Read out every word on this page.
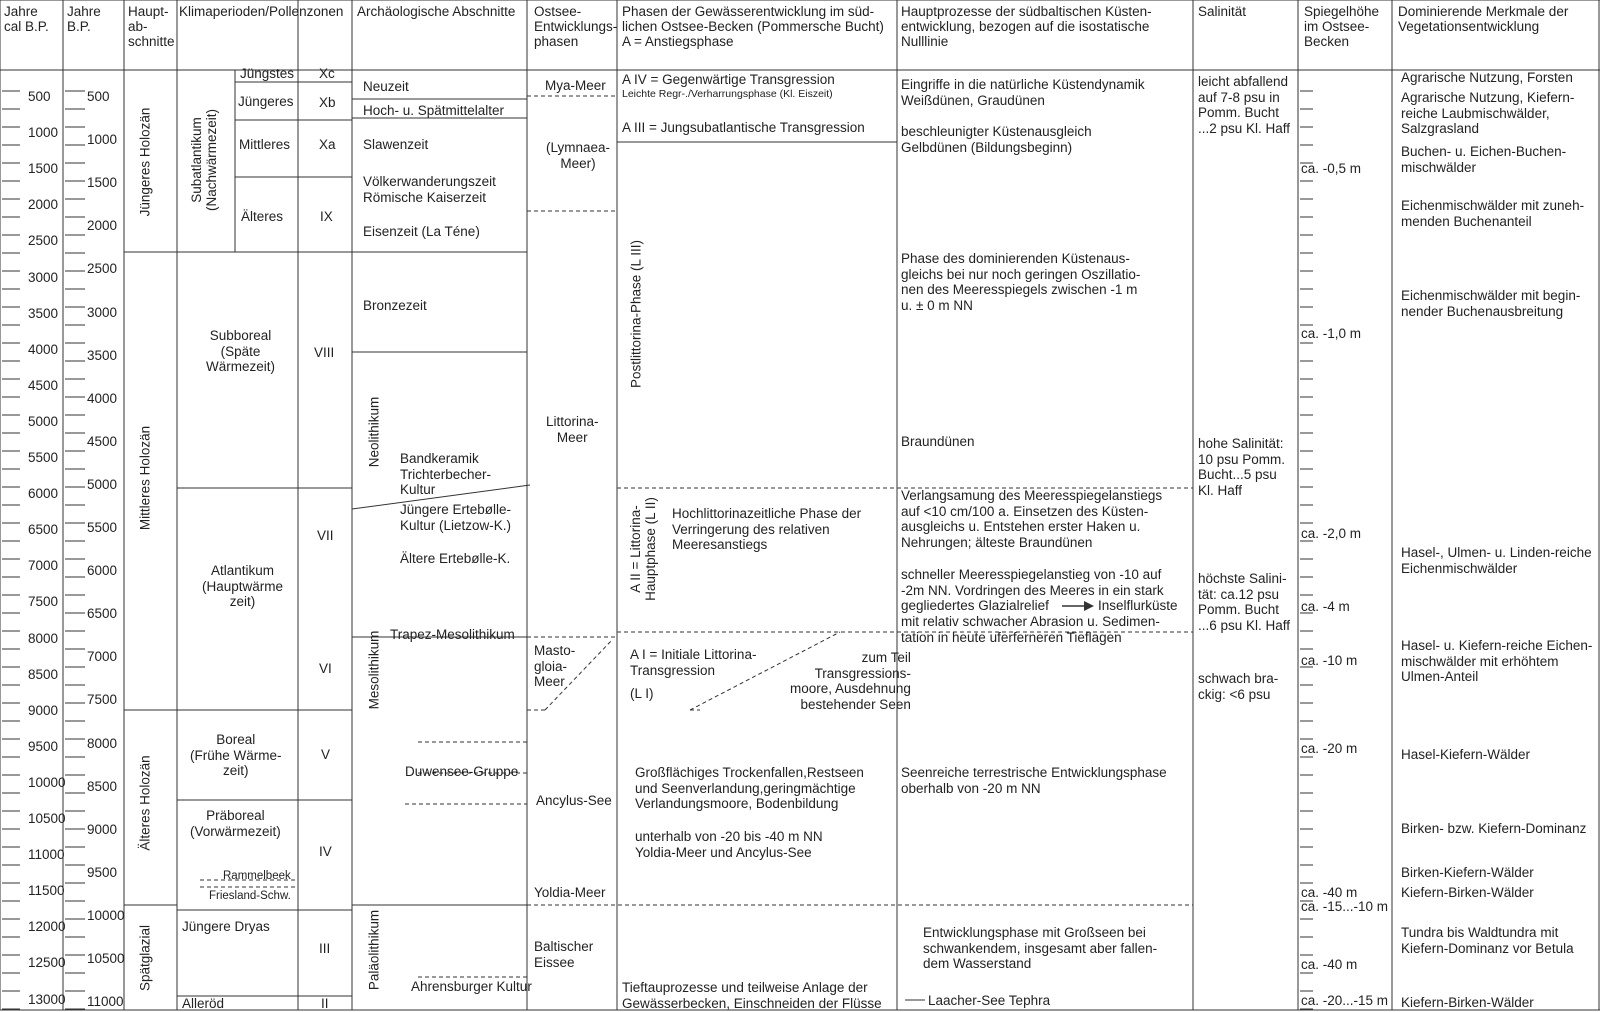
Jahre
cal B.P.
Jahre
B.P.
Haupt-
ab-
schnitte
Klimaperioden/Pollenzonen Archäologische Abschnitte Ostsee-
Entwicklungs-
phasen
Phasen der Gewässerentwicklung im süd-
lichen Ostsee-Becken (Pommersche Bucht)
A = Anstiegsphase
Hauptprozesse der südbaltischen Küsten-
entwicklung, bezogen auf die isostatische
Nulllinie
Salinität	Spiegelhöhe
im Ostsee-
Becken
Dominierende Merkmale der
Vegetationsentwicklung
500
1000
1500
2000
2500
3000
3500
4000
4500
5000
5500
6000
6500
7000
7500
8000
8500
9000
9500
10000
10500
11000
11500
12000
12500
13000
500
1000
1500
2000
2500
3000
3500
4000
4500
5000
5500
6000
6500
7000
7500
8000
8500
9000
9500
10000
10500
11000
Jüngeres Holozän
Mittleres Holozän
Älteres Holozän
Spätglazial
Subatlantikum
(Nachwärmezeit)
Jüngstes
Jüngeres
Mittleres
Älteres
Subboreal
(Späte
Wärmezeit)
Atlantikum
(Hauptwärme
zeit)
Boreal
(Frühe Wärme-
zeit)
Präboreal
(Vorwärmezeit)
Rammelbeek
Friesland-Schw.
Jüngere Dryas
Alleröd
Xc
Xb
Xa
IX
VIII
VII
VI
V
IV
III
II
Neuzeit
Hoch- u. Spätmittelalter
Slawenzeit
Völkerwanderungszeit
Römische Kaiserzeit
Eisenzeit (La Téne)
Bronzezeit
Neolithikum Bandkeramik
Trichterbecher-
Kultur
Jüngere Ertebølle-
Kultur (Lietzow-K.)
Ältere Ertebølle-K.
Mesolithikum Trapez-Mesolithikum
Duwensee-Gruppe
Paläolithikum Ahrensburger Kultur
Mya-Meer
(Lymnaea-
Meer)
Littorina-
Meer
Masto-
gloia-
Meer
Ancylus-See
Yoldia-Meer
Baltischer
Eissee
A IV = Gegenwärtige Transgression
Leichte Regr-./Verharrungsphase (Kl. Eiszeit)
A III = Jungsubatlantische Transgression
Postlittorina-Phase (L III)
A II = Littorina-
Hauptphase (L II)
Hochlittorinazeitliche Phase der
Verringerung des relativen
Meeresanstiegs
A I = Initiale Littorina-
Transgression
(L I)
zum Teil
Transgressions-
moore, Ausdehnung
bestehender Seen
Großflächiges Trockenfallen,Restseen
und Seenverlandung,geringmächtige
Verlandungsmoore, Bodenbildung
unterhalb von -20 bis -40 m NN
Yoldia-Meer und Ancylus-See
Tieftauprozesse und teilweise Anlage der
Gewässerbecken, Einschneiden der Flüsse
Eingriffe in die natürliche Küstendynamik
Weißdünen, Graudünen
beschleunigter Küstenausgleich
Gelbdünen (Bildungsbeginn)
Phase des dominierenden Küstenaus-
gleichs bei nur noch geringen Oszillatio-
nen des Meeresspiegels zwischen -1 m
u. ± 0 m NN
Braundünen
Verlangsamung des Meeresspiegelanstiegs
auf <10 cm/100 a. Einsetzen des Küsten-
ausgleichs u. Entstehen erster Haken u.
Nehrungen; älteste Braundünen
schneller Meeresspiegelanstieg von -10 auf
-2m NN. Vordringen des Meeres in ein stark
gegliedertes Glazialrelief	Inselflurküste
mit relativ schwacher Abrasion u. Sedimen-
tation in heute uferferneren Tieflagen
Seenreiche terrestrische Entwicklungsphase
oberhalb von -20 m NN
Entwicklungsphase mit Großseen bei
schwankendem, insgesamt aber fallen-
dem Wasserstand
Laacher-See Tephra
leicht abfallend
auf 7-8 psu in
Pomm. Bucht
...2 psu Kl. Haff
hohe Salinität:
10 psu Pomm.
Bucht...5 psu
Kl. Haff
höchste Salini-
tät: ca.12 psu
Pomm. Bucht
...6 psu Kl. Haff
schwach bra-
ckig: <6 psu
ca. -0,5 m
ca. -1,0 m
ca. -2,0 m
ca. -4 m
ca. -10 m
ca. -20 m
ca. -40 m
ca. -15...-10 m
ca. -40 m
ca. -20...-15 m
Agrarische Nutzung, Forsten
Agrarische Nutzung, Kiefern-
reiche Laubmischwälder,
Salzgrasland
Buchen- u. Eichen-Buchen-
mischwälder
Eichenmischwälder mit zuneh-
menden Buchenanteil
Eichenmischwälder mit begin-
nender Buchenausbreitung
Hasel-, Ulmen- u. Linden-reiche
Eichenmischwälder
Hasel- u. Kiefern-reiche Eichen-
mischwälder mit erhöhtem
Ulmen-Anteil
Hasel-Kiefern-Wälder
Birken- bzw. Kiefern-Dominanz
Birken-Kiefern-Wälder
Kiefern-Birken-Wälder
Tundra bis Waldtundra mit
Kiefern-Dominanz vor Betula
Kiefern-Birken-Wälder
